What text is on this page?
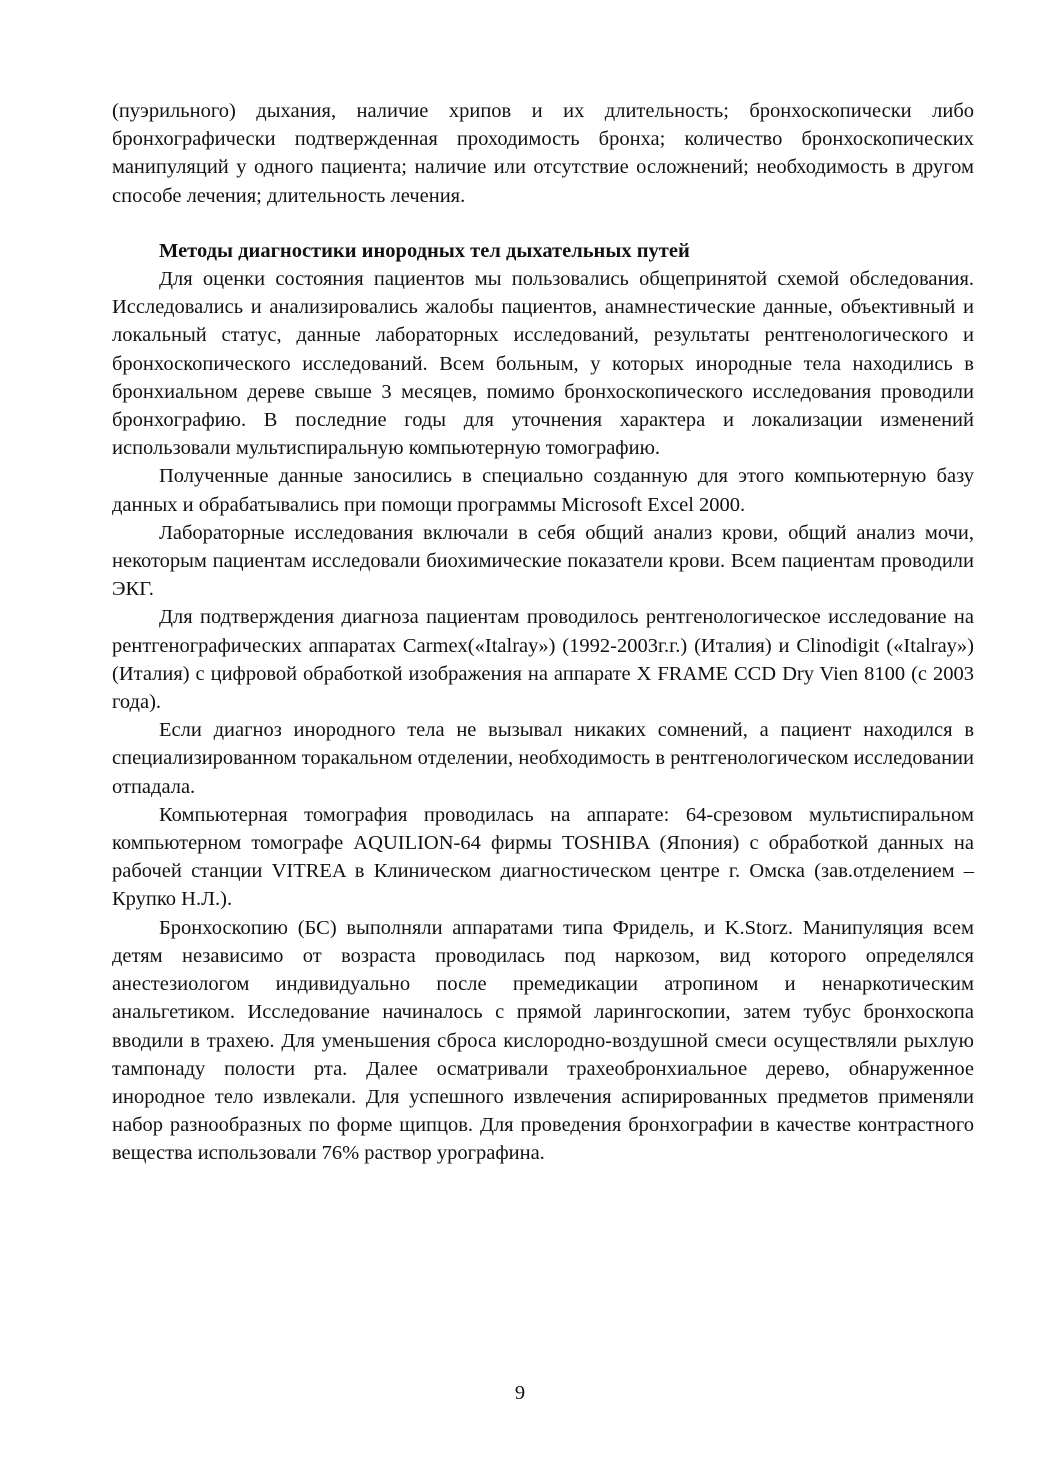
(пуэрильного) дыхания, наличие хрипов и их длительность; бронхоскопически либо бронхографически подтвержденная проходимость бронха; количество бронхоскопических манипуляций у одного пациента; наличие или отсутствие осложнений; необходимость в другом способе лечения; длительность лечения.

Методы диагностики инородных тел дыхательных путей

Для оценки состояния пациентов мы пользовались общепринятой схемой обследования. Исследовались и анализировались жалобы пациентов, анамнестические данные, объективный и локальный статус, данные лабораторных исследований, результаты рентгенологического и бронхоскопического исследований. Всем больным, у которых инородные тела находились в бронхиальном дереве свыше 3 месяцев, помимо бронхоскопического исследования проводили бронхографию. В последние годы для уточнения характера и локализации изменений использовали мультиспиральную компьютерную томографию.

Полученные данные заносились в специально созданную для этого компьютерную базу данных и обрабатывались при помощи программы Microsoft Excel 2000.

Лабораторные исследования включали в себя общий анализ крови, общий анализ мочи, некоторым пациентам исследовали биохимические показатели крови. Всем пациентам проводили ЭКГ.

Для подтверждения диагноза пациентам проводилось рентгенологическое исследование на рентгенографических аппаратах Carmex(«Italray») (1992-2003г.г.) (Италия) и Clinodigit («Italray») (Италия) с цифровой обработкой изображения на аппарате X FRAME CCD Dry Vien 8100 (с 2003 года).

Если диагноз инородного тела не вызывал никаких сомнений, а пациент находился в специализированном торакальном отделении, необходимость в рентгенологическом исследовании отпадала.

Компьютерная томография проводилась на аппарате: 64-срезовом мультиспиральном компьютерном томографе AQUILION-64 фирмы TOSHIBA (Япония) с обработкой данных на рабочей станции VITREA в Клиническом диагностическом центре г. Омска (зав.отделением – Крупко Н.Л.).

Бронхоскопию (БС) выполняли аппаратами типа Фридель, и K.Storz. Манипуляция всем детям независимо от возраста проводилась под наркозом, вид которого определялся анестезиологом индивидуально после премедикации атропином и ненаркотическим анальгетиком. Исследование начиналось с прямой ларингоскопии, затем тубус бронхоскопа вводили в трахею. Для уменьшения сброса кислородно-воздушной смеси осуществляли рыхлую тампонаду полости рта. Далее осматривали трахеобронхиальное дерево, обнаруженное инородное тело извлекали. Для успешного извлечения аспирированных предметов применяли набор разнообразных по форме щипцов. Для проведения бронхографии в качестве контрастного вещества использовали 76% раствор урографина.

9
